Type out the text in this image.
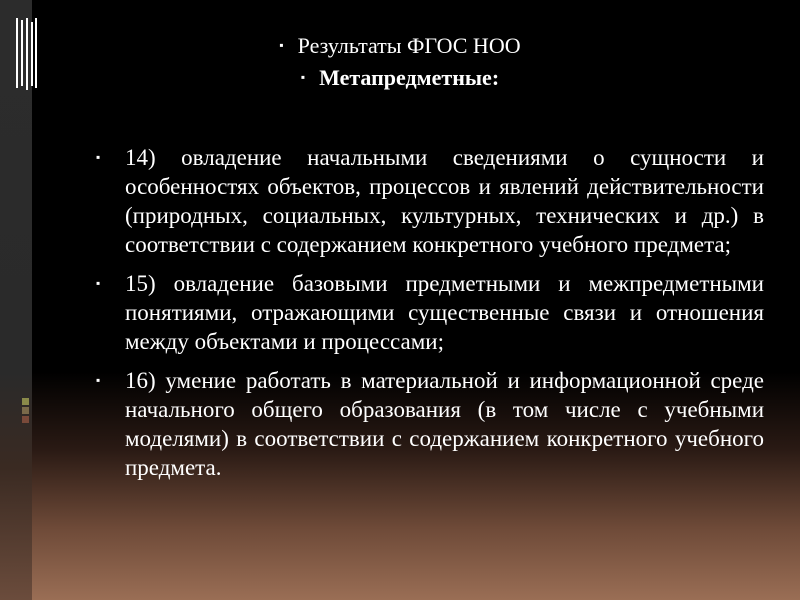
▪ Результаты ФГОС НОО
▪ Метапредметные:
▪ 14) овладение начальными сведениями о сущности и особенностях объектов, процессов и явлений действительности (природных, социальных, культурных, технических и др.) в соответствии с содержанием конкретного учебного предмета;
▪ 15) овладение базовыми предметными и межпредметными понятиями, отражающими существенные связи и отношения между объектами и процессами;
▪ 16) умение работать в материальной и информационной среде начального общего образования (в том числе с учебными моделями) в соответствии с содержанием конкретного учебного предмета.
